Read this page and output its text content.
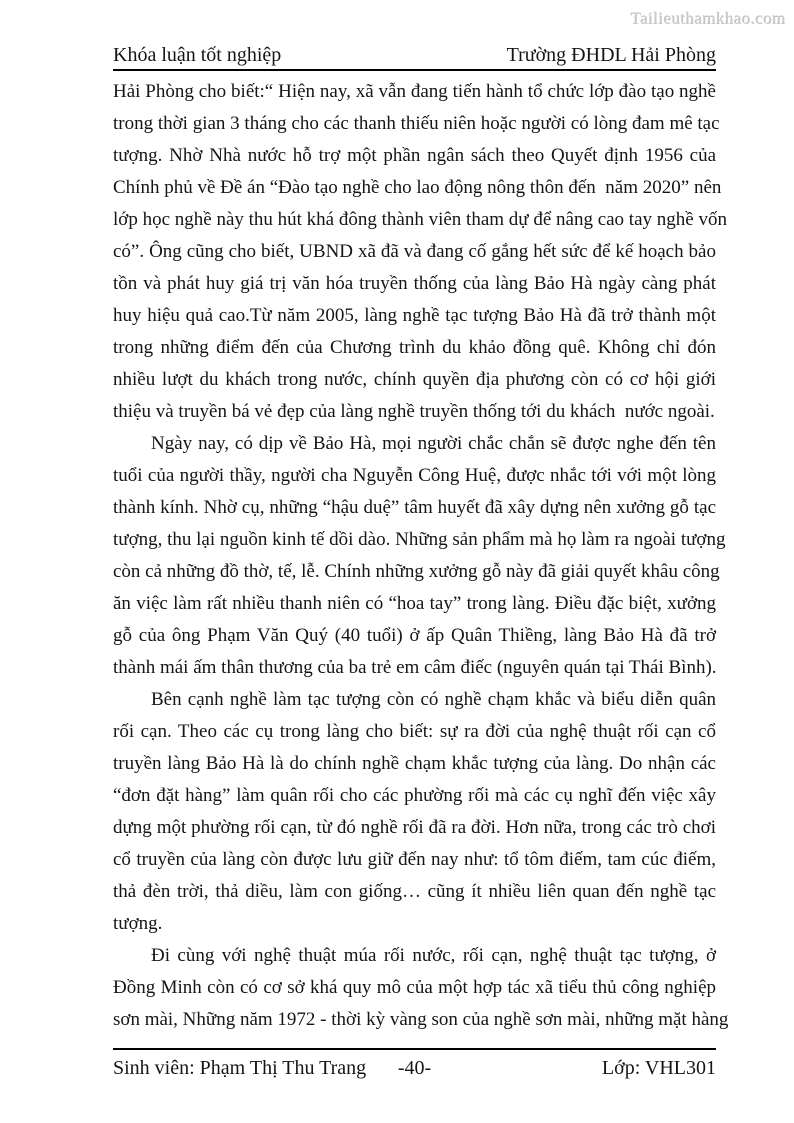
Tailieuthamkhao.com
Khóa luận tốt nghiệp	Trường ĐHDL Hải Phòng
Hải Phòng cho biết:“ Hiện nay, xã vẫn đang tiến hành tổ chức lớp đào tạo nghề
trong thời gian 3 tháng cho các thanh thiếu niên hoặc người có lòng đam mê tạc
tượng. Nhờ Nhà nước hỗ trợ một phần ngân sách theo Quyết định 1956 của
Chính phủ về Đề án “Đào tạo nghề cho lao động nông thôn đến  năm 2020” nên
lớp học nghề này thu hút khá đông thành viên tham dự để nâng cao tay nghề vốn
có”. Ông cũng cho biết, UBND xã đã và đang cố gắng hết sức để kế hoạch bảo
tồn và phát huy giá trị văn hóa truyền thống của làng Bảo Hà ngày càng phát
huy hiệu quả cao.Từ năm 2005, làng nghề tạc tượng Bảo Hà đã trở thành một
trong những điểm đến của Chương trình du khảo đồng quê. Không chỉ đón
nhiều lượt du khách trong nước, chính quyền địa phương còn có cơ hội giới
thiệu và truyền bá vẻ đẹp của làng nghề truyền thống tới du khách  nước ngoài.
Ngày nay, có dịp về Bảo Hà, mọi người chắc chắn sẽ được nghe đến tên
tuổi của người thầy, người cha Nguyễn Công Huệ, được nhắc tới với một lòng
thành kính. Nhờ cụ, những “hậu duệ” tâm huyết đã xây dựng nên xưởng gỗ tạc
tượng, thu lại nguồn kinh tế dồi dào. Những sản phẩm mà họ làm ra ngoài tượng
còn cả những đồ thờ, tế, lễ. Chính những xưởng gỗ này đã giải quyết khâu công
ăn việc làm rất nhiều thanh niên có “hoa tay” trong làng. Điều đặc biệt, xưởng
gỗ của ông Phạm Văn Quý (40 tuổi) ở ấp Quân Thiềng, làng Bảo Hà đã trở
thành mái ấm thân thương của ba trẻ em câm điếc (nguyên quán tại Thái Bình).
Bên cạnh nghề làm tạc tượng còn có nghề chạm khắc và biểu diễn quân
rối cạn. Theo các cụ trong làng cho biết: sự ra đời của nghệ thuật rối cạn cổ
truyền làng Bảo Hà là do chính nghề chạm khắc tượng của làng. Do nhận các
“đơn đặt hàng” làm quân rối cho các phường rối mà các cụ nghĩ đến việc xây
dựng một phường rối cạn, từ đó nghề rối đã ra đời. Hơn nữa, trong các trò chơi
cổ truyền của làng còn được lưu giữ đến nay như: tổ tôm điếm, tam cúc điếm,
thả đèn trời, thả diều, làm con giống… cũng ít nhiều liên quan đến nghề tạc
tượng.
Đi cùng với nghệ thuật múa rối nước, rối cạn, nghệ thuật tạc tượng, ở
Đồng Minh còn có cơ sở khá quy mô của một hợp tác xã tiểu thủ công nghiệp
sơn mài, Những năm 1972 - thời kỳ vàng son của nghề sơn mài, những mặt hàng
Sinh viên: Phạm Thị Thu Trang -40-	Lớp: VHL301
